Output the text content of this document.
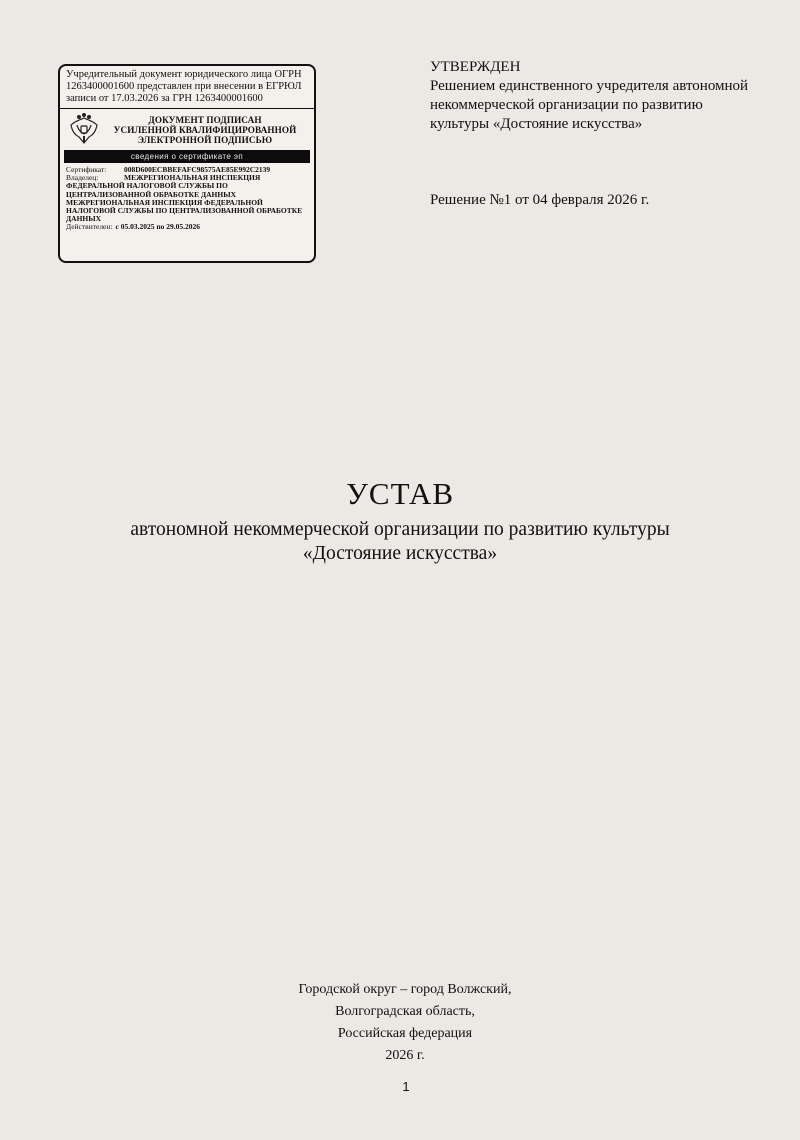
Учредительный документ юридического лица ОГРН 1263400001600 представлен при внесении в ЕГРЮЛ записи от 17.03.2026 за ГРН 1263400001600
ДОКУМЕНТ ПОДПИСАН
УСИЛЕННОЙ КВАЛИФИЦИРОВАННОЙ
ЭЛЕКТРОННОЙ ПОДПИСЬЮ
сведения о сертификате эп
Сертификат: 008D600ECBBEFAFC98575AE85E992C2139
Владелец:	МЕЖРЕГИОНАЛЬНАЯ ИНСПЕКЦИЯ ФЕДЕРАЛЬНОЙ НАЛОГОВОЙ СЛУЖБЫ ПО ЦЕНТРАЛИЗОВАННОЙ ОБРАБОТКЕ ДАННЫХ МЕЖРЕГИОНАЛЬНАЯ ИНСПЕКЦИЯ ФЕДЕРАЛЬНОЙ НАЛОГОВОЙ СЛУЖБЫ ПО ЦЕНТРАЛИЗОВАННОЙ ОБРАБОТКЕ ДАННЫХ
Действителен: с 05.03.2025 по 29.05.2026
УТВЕРЖДЕН
Решением единственного учредителя автономной некоммерческой организации по развитию культуры «Достояние искусства»
Решение №1 от 04 февраля 2026 г.
УСТАВ
автономной некоммерческой организации по развитию культуры
«Достояние искусства»
Городской округ – город Волжский,
Волгоградская область,
Российская федерация
2026 г.
1
